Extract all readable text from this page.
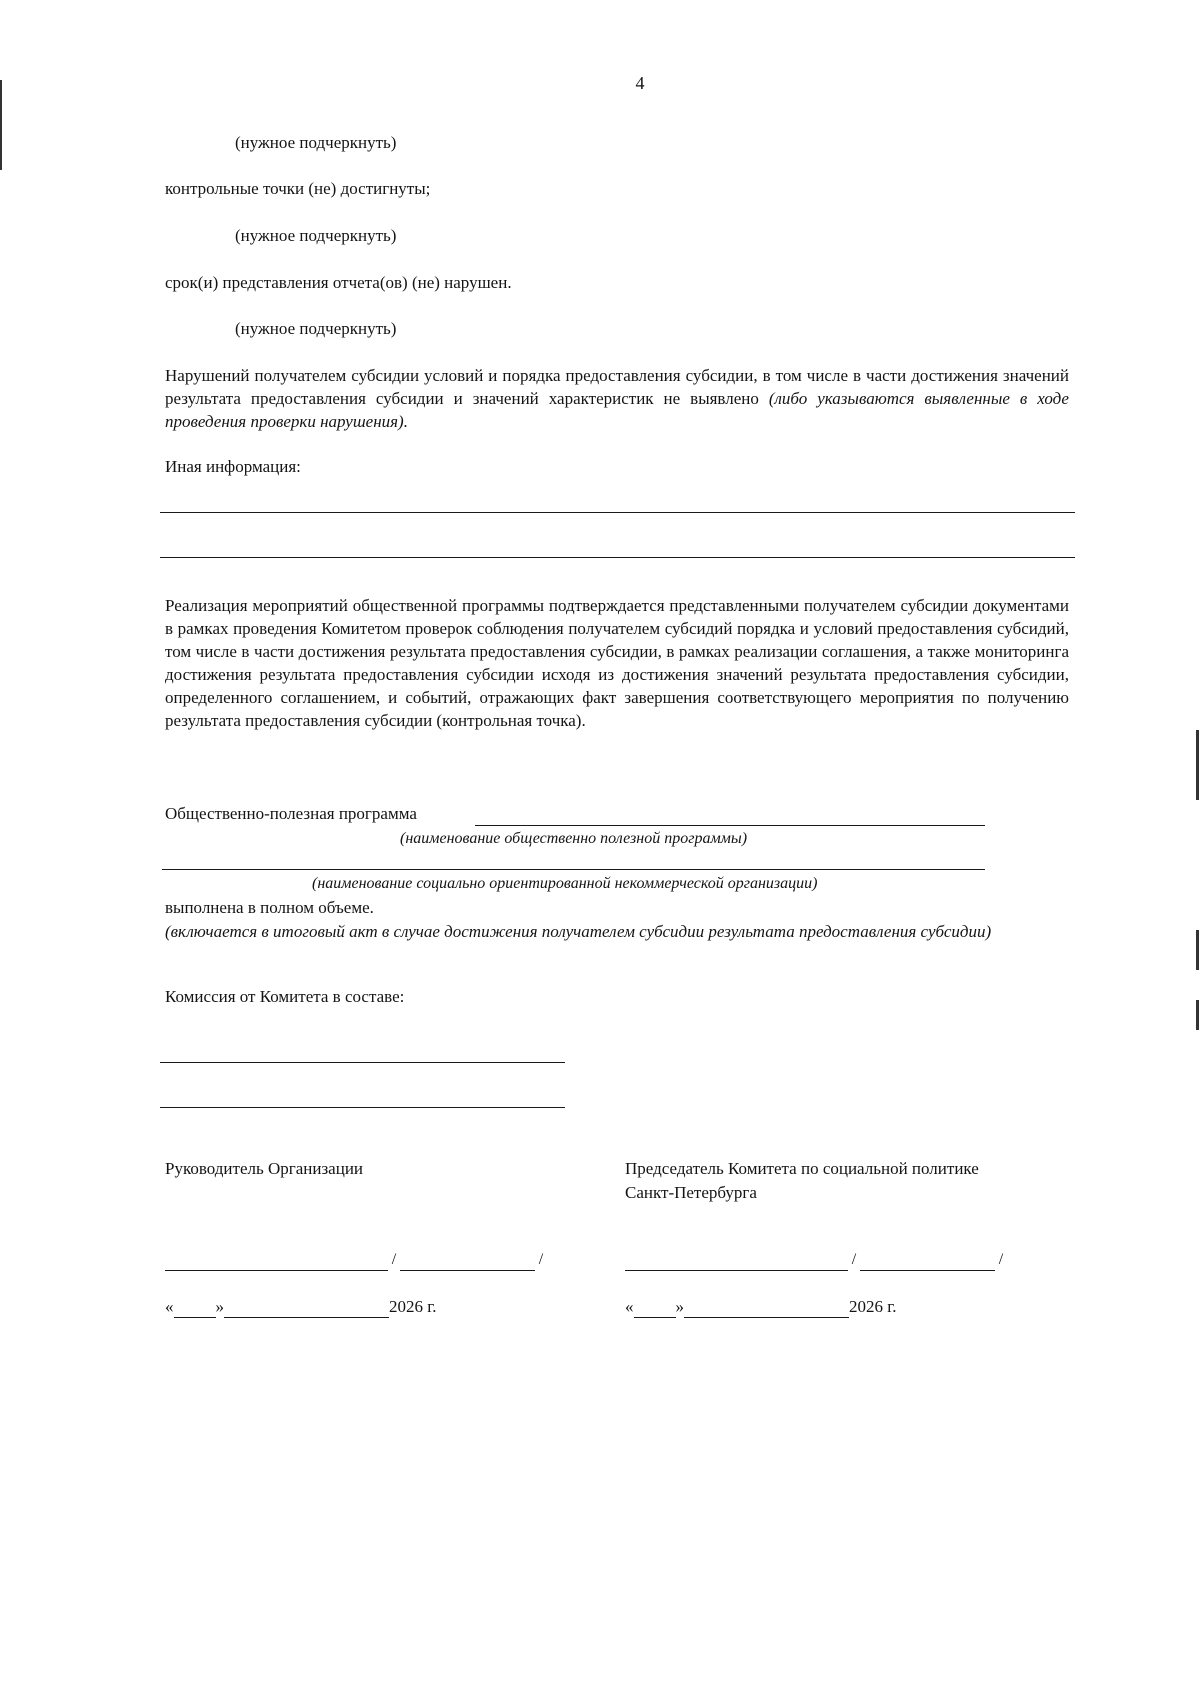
4
(нужное подчеркнуть)
контрольные точки (не) достигнуты;
(нужное подчеркнуть)
срок(и) представления отчета(ов) (не) нарушен.
(нужное подчеркнуть)
Нарушений получателем субсидии условий и порядка предоставления субсидии, в том числе в части достижения значений результата предоставления субсидии и значений характеристик не выявлено (либо указываются выявленные в ходе проведения проверки нарушения).
Иная информация:
Реализация мероприятий общественной программы подтверждается представленными получателем субсидии документами в рамках проведения Комитетом проверок соблюдения получателем субсидий порядка и условий предоставления субсидий, том числе в части достижения результата предоставления субсидии, в рамках реализации соглашения, а также мониторинга достижения результата предоставления субсидии исходя из достижения значений результата предоставления субсидии, определенного соглашением, и событий, отражающих факт завершения соответствующего мероприятия по получению результата предоставления субсидии (контрольная точка).
Общественно-полезная программа
(наименование общественно полезной программы)
(наименование социально ориентированной некоммерческой организации)
выполнена в полном объеме.
(включается в итоговый акт в случае достижения получателем субсидии результата предоставления субсидии)
Комиссия от Комитета в составе:
Руководитель Организации	Председатель Комитета по социальной политике
Санкт-Петербурга
/	/	/	/
« »	2026 г.	« »	2026 г.
